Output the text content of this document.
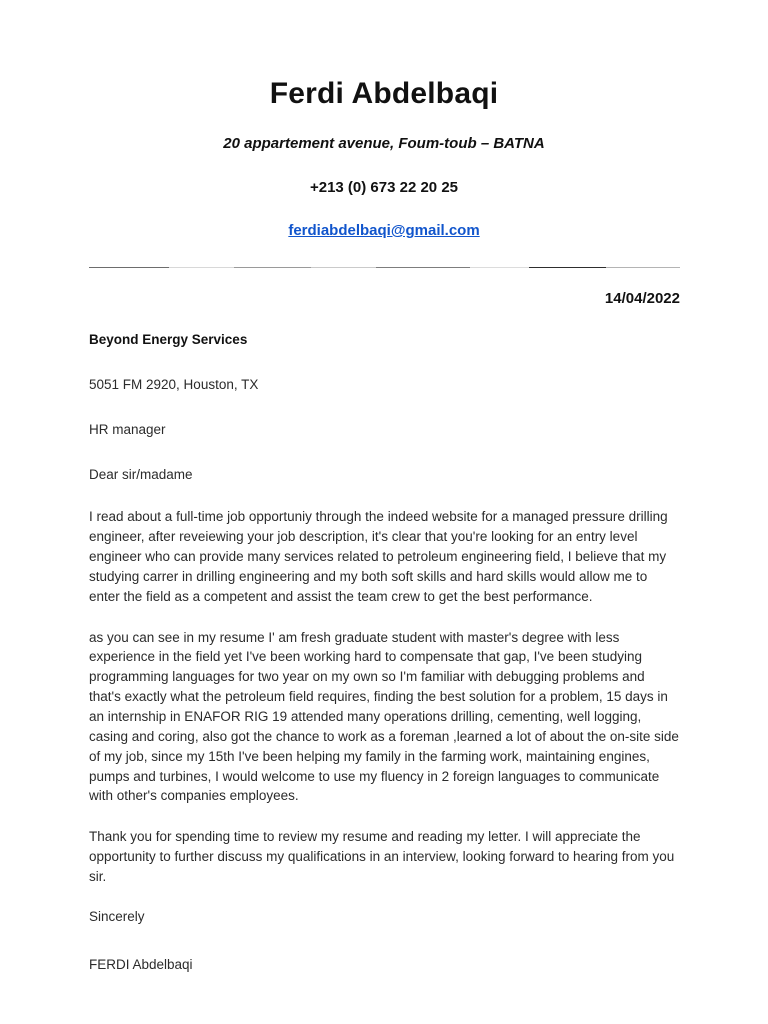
Ferdi Abdelbaqi

20 appartement avenue, Foum-toub – BATNA

+213 (0) 673 22 20 25

ferdiabdelbaqi@gmail.com

14/04/2022

Beyond Energy Services

5051 FM 2920, Houston, TX

HR manager

Dear sir/madame

I read about a full-time job opportuniy through the indeed website for a managed pressure drilling engineer, after reveiewing your job description, it's clear that you're looking for an entry level engineer who can provide many services related to petroleum engineering field, I believe that my studying carrer in drilling engineering and my both soft skills and hard skills would allow me to enter the field as a competent and assist the team crew to get the best performance.

as you can see in my resume I' am fresh graduate student with master's degree with less experience in the field yet I've been working hard to compensate that gap, I've been studying programming languages for two year on my own so I'm familiar with debugging problems and that's exactly what the petroleum field requires, finding the best solution for a problem, 15 days in an internship in ENAFOR RIG 19 attended many operations drilling, cementing, well logging, casing and coring, also got the chance to work as a foreman ,learned a lot of about the on-site side of my job, since my 15th I've been helping my family in the farming work, maintaining engines, pumps and turbines, I would welcome to use my fluency in 2 foreign languages to communicate with other's companies employees.

Thank you for spending time to review my resume and reading my letter. I will appreciate the opportunity to further discuss my qualifications in an interview, looking forward to hearing from you sir.

Sincerely

FERDI Abdelbaqi
